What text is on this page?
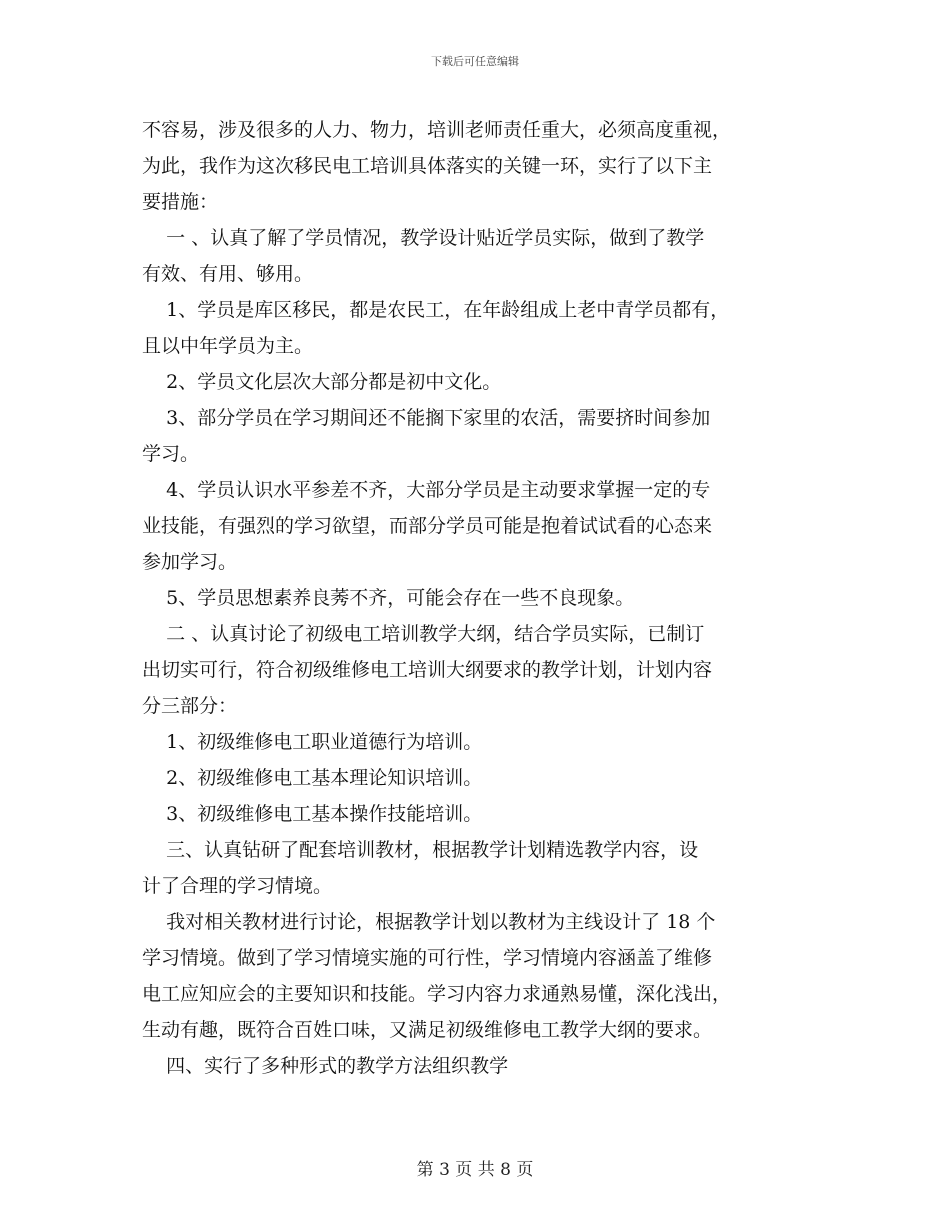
下载后可任意编辑
不容易，涉及很多的人力、物力，培训老师责任重大，必须高度重视，
为此，我作为这次移民电工培训具体落实的关键一环，实行了以下主
要措施：
一 、认真了解了学员情况，教学设计贴近学员实际，做到了教学
有效、有用、够用。
1、学员是库区移民，都是农民工，在年龄组成上老中青学员都有，
且以中年学员为主。
2、学员文化层次大部分都是初中文化。
3、部分学员在学习期间还不能搁下家里的农活，需要挤时间参加
学习。
4、学员认识水平参差不齐，大部分学员是主动要求掌握一定的专
业技能，有强烈的学习欲望，而部分学员可能是抱着试试看的心态来
参加学习。
5、学员思想素养良莠不齐，可能会存在一些不良现象。
二 、认真讨论了初级电工培训教学大纲，结合学员实际，已制订
出切实可行，符合初级维修电工培训大纲要求的教学计划，计划内容
分三部分：
1、初级维修电工职业道德行为培训。
2、初级维修电工基本理论知识培训。
3、初级维修电工基本操作技能培训。
三、认真钻研了配套培训教材，根据教学计划精选教学内容，设
计了合理的学习情境。
我对相关教材进行讨论，根据教学计划以教材为主线设计了 18 个
学习情境。做到了学习情境实施的可行性，学习情境内容涵盖了维修
电工应知应会的主要知识和技能。学习内容力求通熟易懂，深化浅出，
生动有趣，既符合百姓口味，又满足初级维修电工教学大纲的要求。
四、实行了多种形式的教学方法组织教学
第 3 页 共 8 页
